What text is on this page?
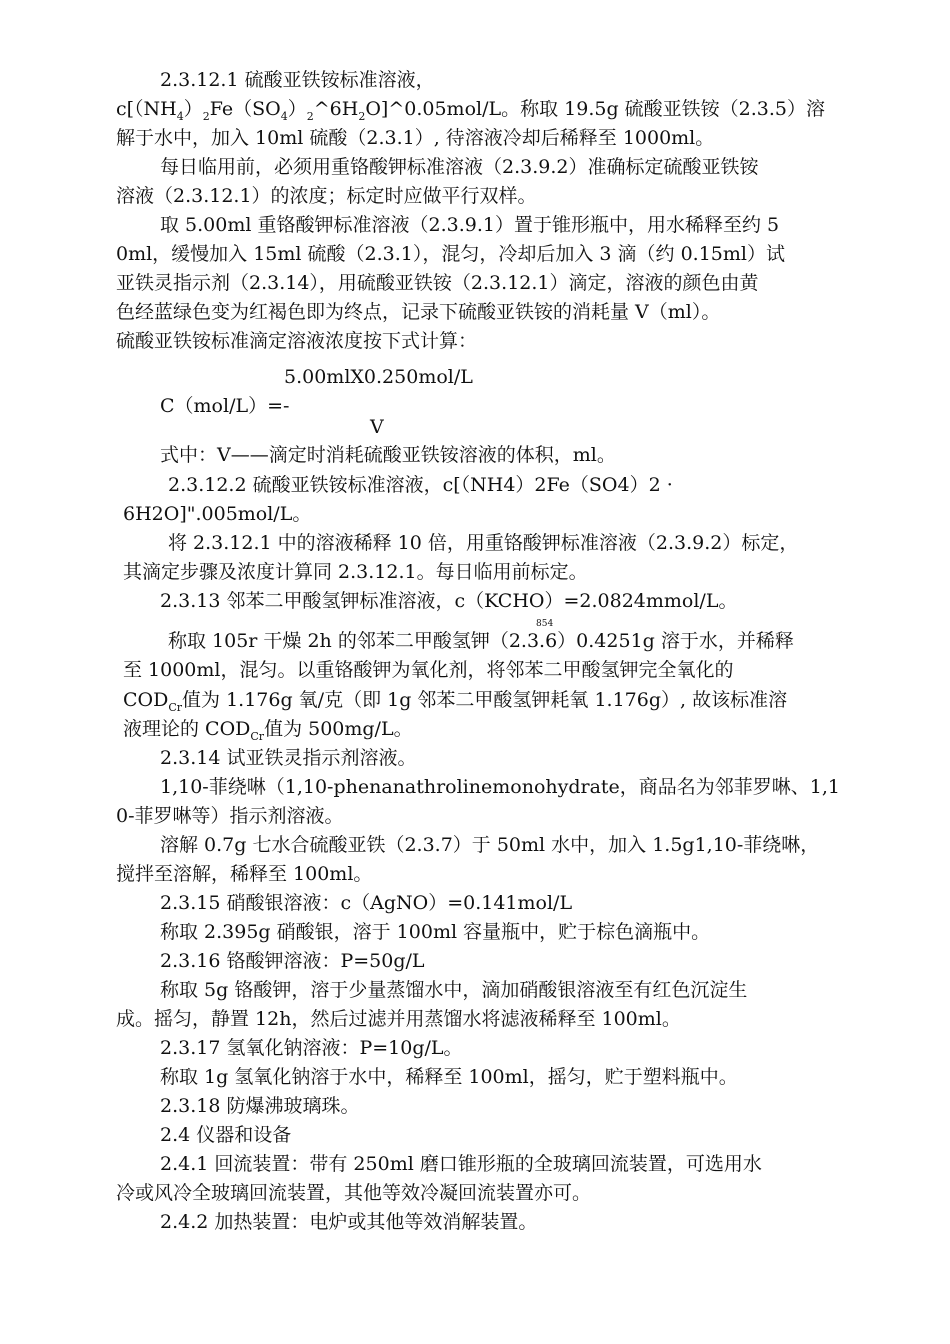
2.3.12.1 硫酸亚铁铵标准溶液，
$c[(NH_4)_2Fe(SO_4)_2\^{}6H_2O]\^{}0.05mol/L$。称取 19.5g 硫酸亚铁铵（2.3.5）溶
解于水中，加入 10ml 硫酸（2.3.1）, 待溶液冷却后稀释至 1000ml。
每日临用前，必须用重铬酸钾标准溶液（2.3.9.2）准确标定硫酸亚铁铵
溶液（2.3.12.1）的浓度；标定时应做平行双样。
取 5.00ml 重铬酸钾标准溶液（2.3.9.1）置于锥形瓶中，用水稀释至约 5
0ml，缓慢加入 15ml 硫酸（2.3.1），混匀，冷却后加入 3 滴（约 0.15ml）试
亚铁灵指示剂（2.3.14），用硫酸亚铁铵（2.3.12.1）滴定，溶液的颜色由黄
色经蓝绿色变为红褐色即为终点，记录下硫酸亚铁铵的消耗量 V（ml）。
硫酸亚铁铵标准滴定溶液浓度按下式计算：
5.00mlX0.250mol/L
C（mol/L）=-
V
式中：V——滴定时消耗硫酸亚铁铵溶液的体积，ml。
2.3.12.2 硫酸亚铁铵标准溶液，c[（NH4）2Fe（SO4）2 ·
6H2O]".005mol/L。
将 2.3.12.1 中的溶液稀释 10 倍，用重铬酸钾标准溶液（2.3.9.2）标定，
其滴定步骤及浓度计算同 2.3.12.1。每日临用前标定。
2.3.13 邻苯二甲酸氢钾标准溶液，c（KCHO）=2.0824mmol/L。
854
称取 105r 干燥 2h 的邻苯二甲酸氢钾（2.3.6）0.4251g 溶于水，并稀释
至 1000ml，混匀。以重铬酸钾为氧化剂，将邻苯二甲酸氢钾完全氧化的
$COD_{Cr}$值为 1.176g 氧/克（即 1g 邻苯二甲酸氢钾耗氧 1.176g）, 故该标准溶
液理论的 $COD_{Cr}$值为 500mg/L。
2.3.14 试亚铁灵指示剂溶液。
1,10-菲绕啉（1,10-phenanathrolinemonohydrate，商品名为邻菲罗啉、1,1
0-菲罗啉等）指示剂溶液。
溶解 0.7g 七水合硫酸亚铁（2.3.7）于 50ml 水中，加入 1.5g1,10-菲绕啉，
搅拌至溶解，稀释至 100ml。
2.3.15 硝酸银溶液：c（AgNO）=0.141mol/L
称取 2.395g 硝酸银，溶于 100ml 容量瓶中，贮于棕色滴瓶中。
2.3.16 铬酸钾溶液：P=50g/L
称取 5g 铬酸钾，溶于少量蒸馏水中，滴加硝酸银溶液至有红色沉淀生
成。摇匀，静置 12h，然后过滤并用蒸馏水将滤液稀释至 100ml。
2.3.17 氢氧化钠溶液：P=10g/L。
称取 1g 氢氧化钠溶于水中，稀释至 100ml，摇匀，贮于塑料瓶中。
2.3.18 防爆沸玻璃珠。
2.4 仪器和设备
2.4.1 回流装置：带有 250ml 磨口锥形瓶的全玻璃回流装置，可选用水
冷或风冷全玻璃回流装置，其他等效冷凝回流装置亦可。
2.4.2 加热装置：电炉或其他等效消解装置。
